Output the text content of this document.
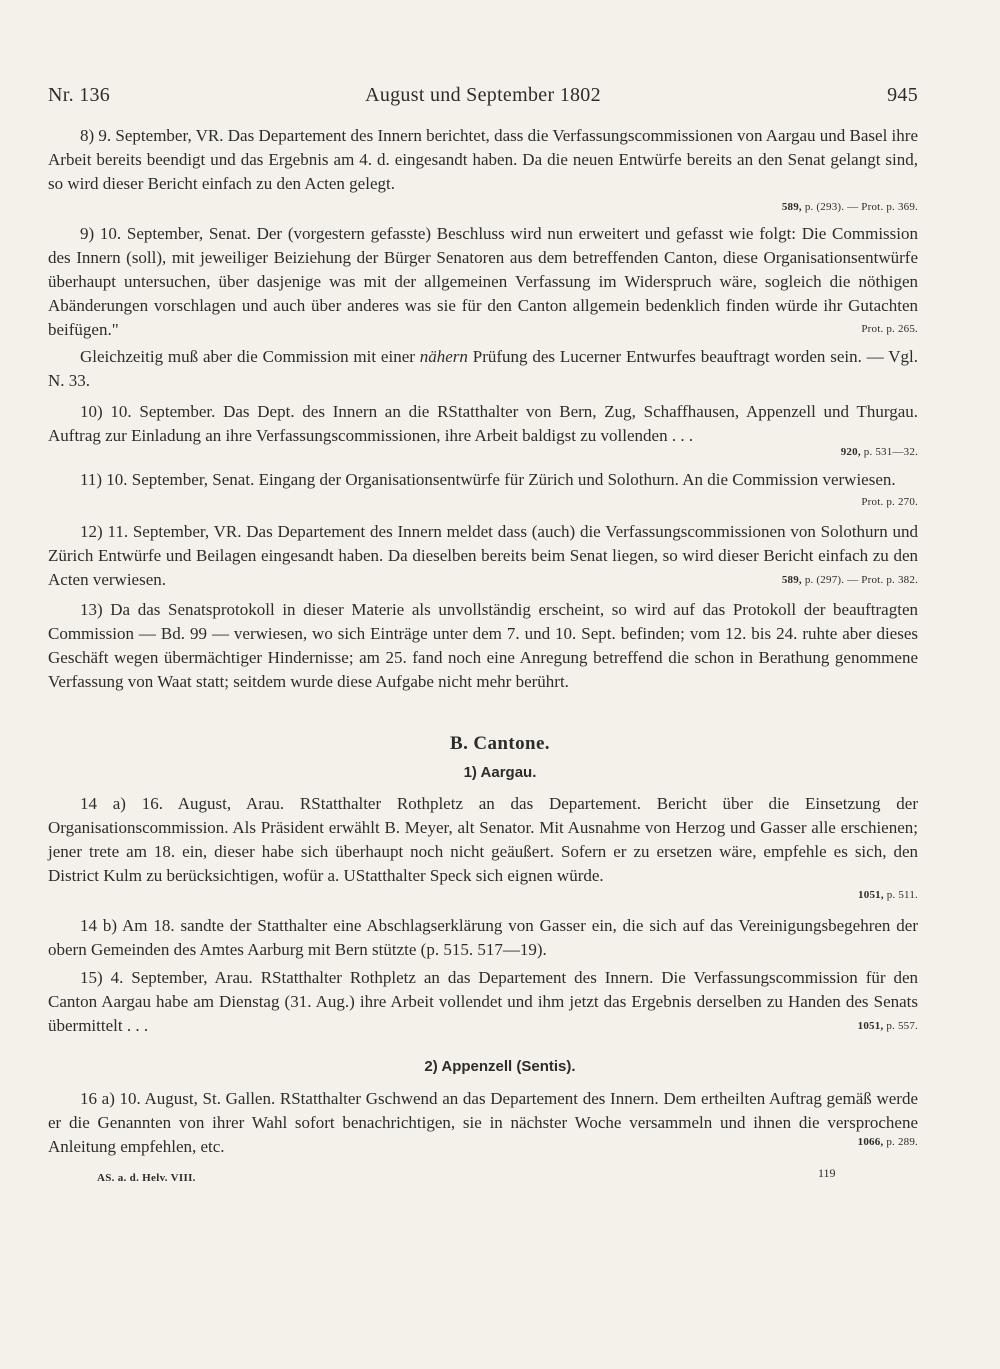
Nr. 136	August und September 1802	945

8) 9. September, VR. Das Departement des Innern berichtet, dass die Verfassungscommissionen von Aargau und Basel ihre Arbeit bereits beendigt und das Ergebnis am 4. d. eingesandt haben. Da die neuen Entwürfe bereits an den Senat gelangt sind, so wird dieser Bericht einfach zu den Acten gelegt.

589, p. (293). — Prot. p. 369.

9) 10. September, Senat. Der (vorgestern gefasste) Beschluss wird nun erweitert und gefasst wie folgt: Die Commission des Innern (soll), mit jeweiliger Beiziehung der Bürger Senatoren aus dem betreffenden Canton, diese Organisationsentwürfe überhaupt untersuchen, über dasjenige was mit der allgemeinen Verfassung im Widerspruch wäre, sogleich die nöthigen Abänderungen vorschlagen und auch über anderes was sie für den Canton allgemein bedenklich finden würde ihr Gutachten beifügen."	Prot. p. 265.

Gleichzeitig muß aber die Commission mit einer nähern Prüfung des Lucerner Entwurfes beauftragt worden sein. — Vgl. N. 33.

10) 10. September. Das Dept. des Innern an die RStatthalter von Bern, Zug, Schaffhausen, Appenzell und Thurgau. Auftrag zur Einladung an ihre Verfassungscommissionen, ihre Arbeit baldigst zu vollenden . . .

920, p. 531—32.

11) 10. September, Senat. Eingang der Organisationsentwürfe für Zürich und Solothurn. An die Commission verwiesen.

Prot. p. 270.

12) 11. September, VR. Das Departement des Innern meldet dass (auch) die Verfassungscommissionen von Solothurn und Zürich Entwürfe und Beilagen eingesandt haben. Da dieselben bereits beim Senat liegen, so wird dieser Bericht einfach zu den Acten verwiesen.	589, p. (297). — Prot. p. 382.

13) Da das Senatsprotokoll in dieser Materie als unvollständig erscheint, so wird auf das Protokoll der beauftragten Commission — Bd. 99 — verwiesen, wo sich Einträge unter dem 7. und 10. Sept. befinden; vom 12. bis 24. ruhte aber dieses Geschäft wegen übermächtiger Hindernisse; am 25. fand noch eine Anregung betreffend die schon in Berathung genommene Verfassung von Waat statt; seitdem wurde diese Aufgabe nicht mehr berührt.

B. Cantone.
1) Aargau.

14 a) 16. August, Arau. RStatthalter Rothpletz an das Departement. Bericht über die Einsetzung der Organisationscommission. Als Präsident erwählt B. Meyer, alt Senator. Mit Ausnahme von Herzog und Gasser alle erschienen; jener trete am 18. ein, dieser habe sich überhaupt noch nicht geäußert. Sofern er zu ersetzen wäre, empfehle es sich, den District Kulm zu berücksichtigen, wofür a. UStatthalter Speck sich eignen würde.

1051, p. 511.

14 b) Am 18. sandte der Statthalter eine Abschlagserklärung von Gasser ein, die sich auf das Vereinigungsbegehren der obern Gemeinden des Amtes Aarburg mit Bern stützte (p. 515. 517—19).

15) 4. September, Arau. RStatthalter Rothpletz an das Departement des Innern. Die Verfassungscommission für den Canton Aargau habe am Dienstag (31. Aug.) ihre Arbeit vollendet und ihm jetzt das Ergebnis derselben zu Handen des Senats übermittelt . . .	1051, p. 557.
2) Appenzell (Sentis).

16 a) 10. August, St. Gallen. RStatthalter Gschwend an das Departement des Innern. Dem ertheilten Auftrag gemäß werde er die Genannten von ihrer Wahl sofort benachrichtigen, sie in nächster Woche versammeln und ihnen die versprochene Anleitung empfehlen, etc.	1066, p. 289.
AS. a. d. Helv. VIII.	119
